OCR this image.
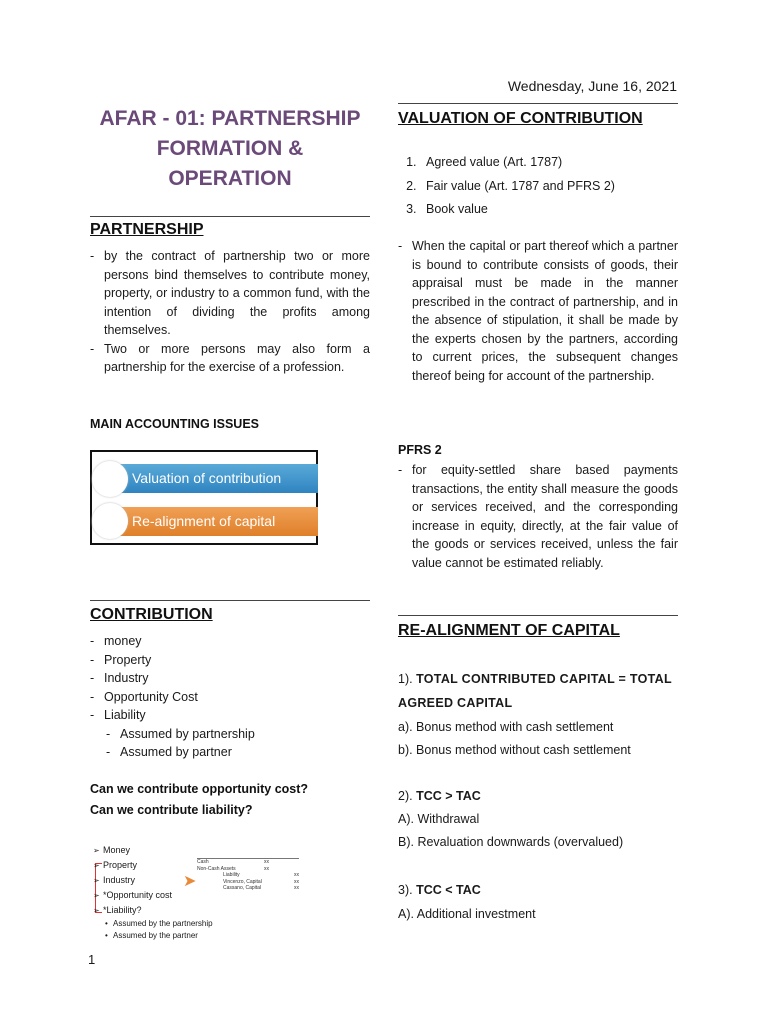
Wednesday, June 16, 2021
AFAR - 01: PARTNERSHIP
FORMATION &
OPERATION
PARTNERSHIP
- by the contract of partnership two or more persons bind themselves to contribute money, property, or industry to a common fund, with the intention of dividing the profits among themselves.
- Two or more persons may also form a partnership for the exercise of a profession.
MAIN ACCOUNTING ISSUES
Valuation of contribution
Re-alignment of capital
CONTRIBUTION
- money
- Property
- Industry
- Opportunity Cost
- Liability
- Assumed by partnership
- Assumed by partner
Can we contribute opportunity cost?
Can we contribute liability?
➢ Money
➢ Property
➢ Industry
➢ *Opportunity cost
➢ *Liability?
• Assumed by the partnership
• Assumed by the partner
➤
Cash	xx
Non-Cash Assets	xx
Liability	xx
Vincenzo, Capital	xx
Cassano, Capital	xx
1
VALUATION OF CONTRIBUTION
1. Agreed value (Art. 1787)
2. Fair value (Art. 1787 and PFRS 2)
3. Book value
- When the capital or part thereof which a partner is bound to contribute consists of goods, their appraisal must be made in the manner prescribed in the contract of partnership, and in the absence of stipulation, it shall be made by the experts chosen by the partners, according to current prices, the subsequent changes thereof being for account of the partnership.
PFRS 2
- for equity-settled share based payments transactions, the entity shall measure the goods or services received, and the corresponding increase in equity, directly, at the fair value of the goods or services received, unless the fair value cannot be estimated reliably.
RE-ALIGNMENT OF CAPITAL
1). TOTAL CONTRIBUTED CAPITAL = TOTAL AGREED CAPITAL
a). Bonus method with cash settlement
b). Bonus method without cash settlement
2). TCC > TAC
A). Withdrawal
B). Revaluation downwards (overvalued)
3). TCC < TAC
A). Additional investment
